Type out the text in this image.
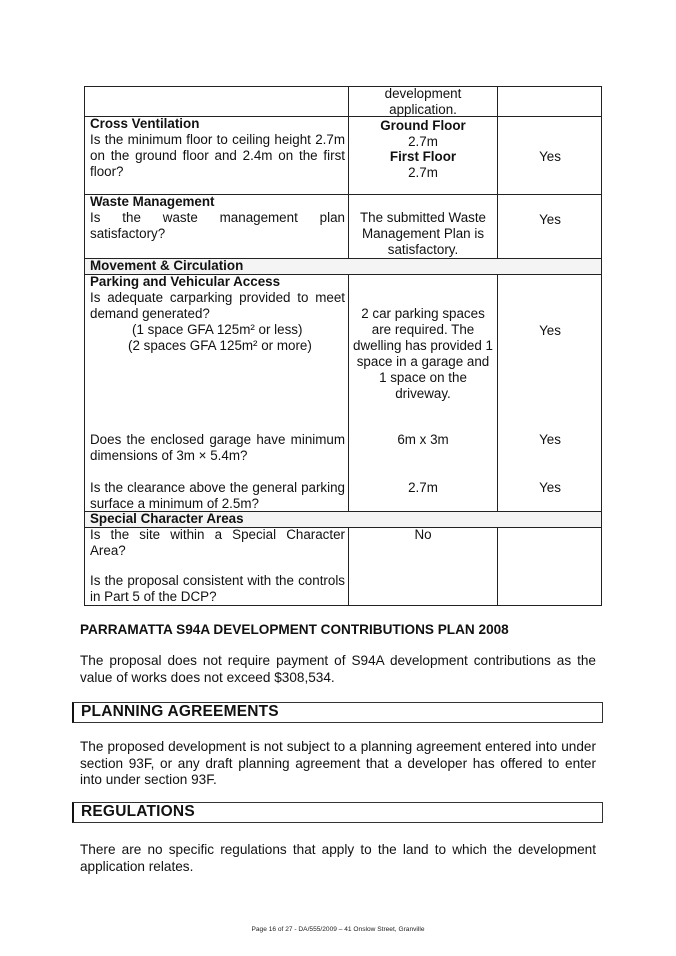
development application.
Cross Ventilation
Is the minimum floor to ceiling height 2.7m on the ground floor and 2.4m on the first floor?
Ground Floor
2.7m
First Floor
2.7m
Yes
Waste Management
Is the waste management plan
satisfactory?
The submitted Waste Management Plan is satisfactory.
Yes
Movement & Circulation
Parking and Vehicular Access
Is adequate carparking provided to meet demand generated?
(1 space GFA 125m² or less)
(2 spaces GFA 125m² or more)
2 car parking spaces are required. The dwelling has provided 1 space in a garage and 1 space on the driveway.
Yes
Does the enclosed garage have minimum dimensions of 3m × 5.4m?
6m x 3m	Yes
Is the clearance above the general parking surface a minimum of 2.5m?
2.7m	Yes
Special Character Areas
Is the site within a Special Character Area?
No
Is the proposal consistent with the controls in Part 5 of the DCP?
PARRAMATTA S94A DEVELOPMENT CONTRIBUTIONS PLAN 2008
The proposal does not require payment of S94A development contributions as the value of works does not exceed $308,534.
PLANNING AGREEMENTS
The proposed development is not subject to a planning agreement entered into under section 93F, or any draft planning agreement that a developer has offered to enter into under section 93F.
REGULATIONS
There are no specific regulations that apply to the land to which the development application relates.
Page 16 of 27 - DA/555/2009 – 41 Onslow Street, Granville
